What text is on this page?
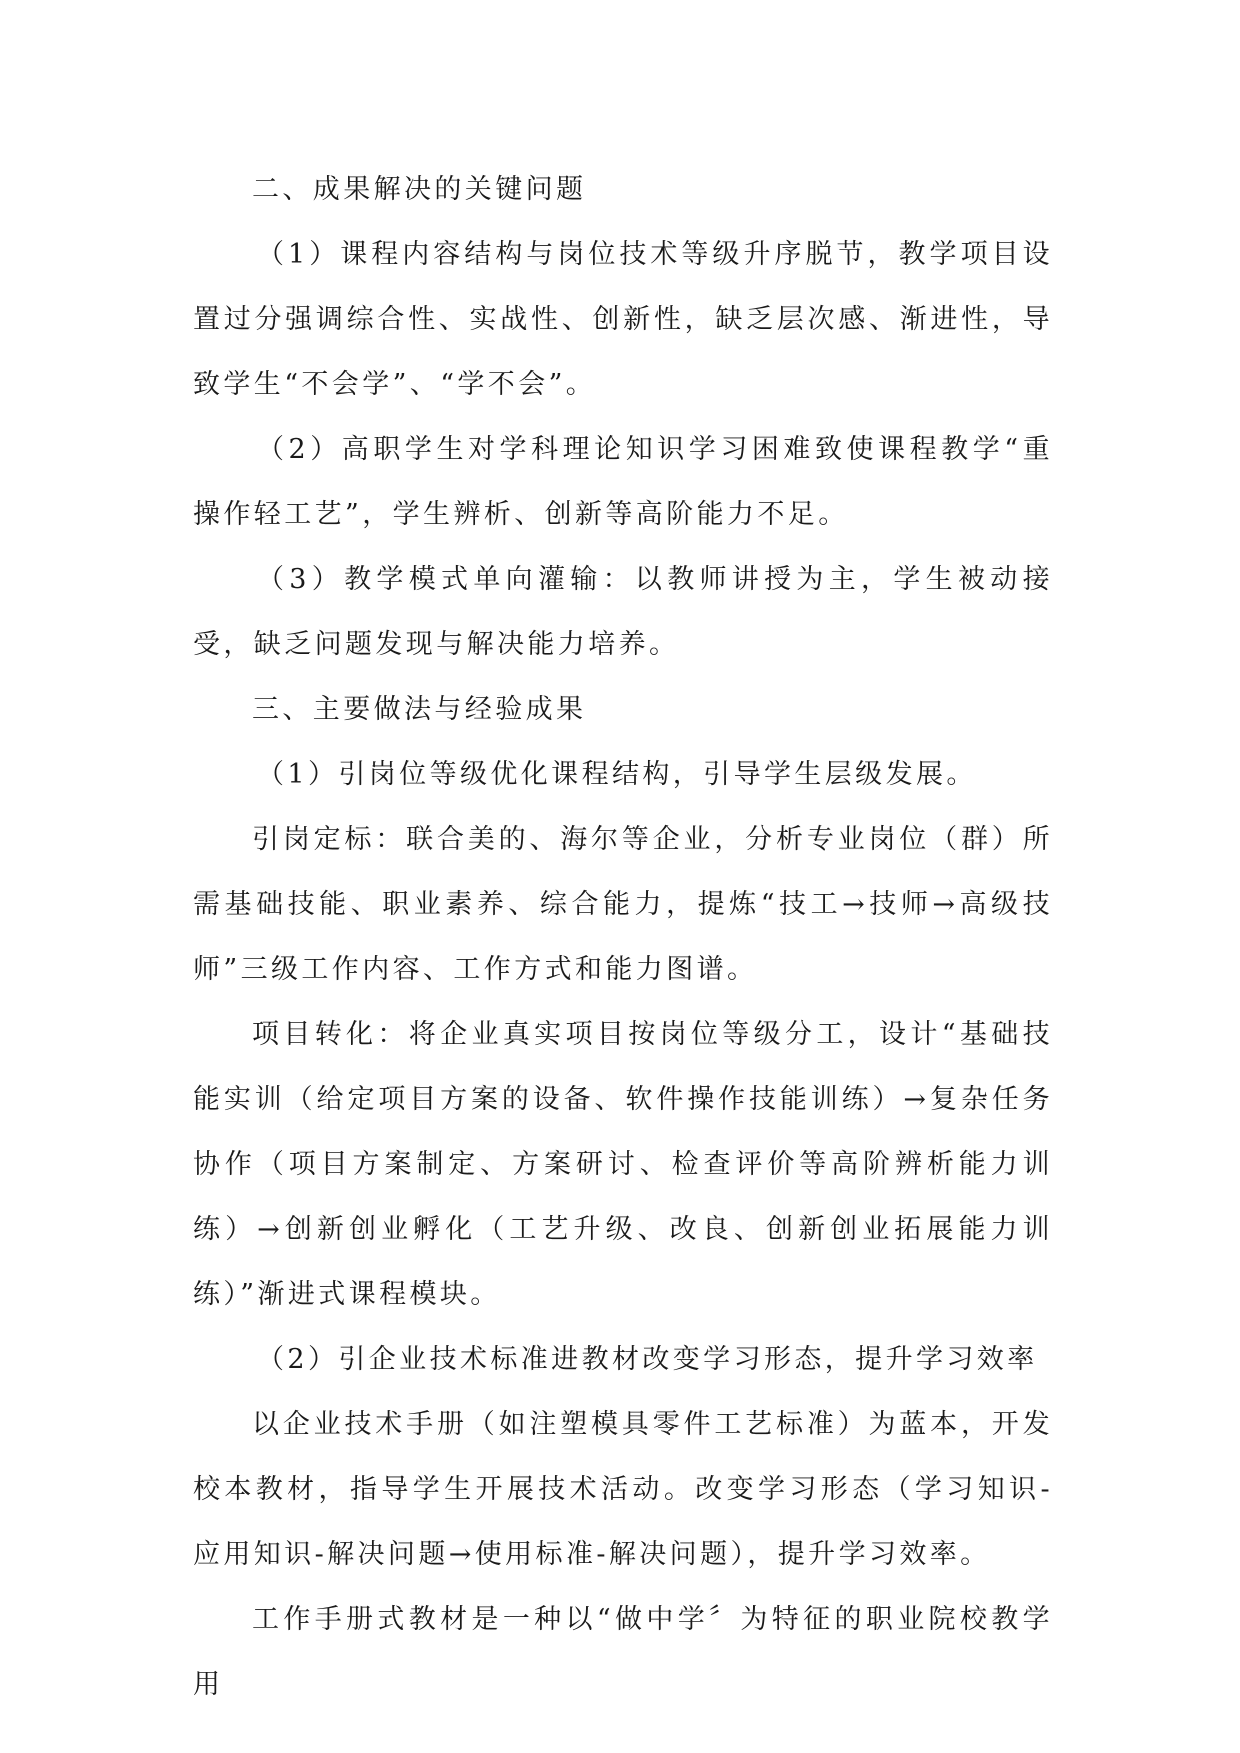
二、成果解决的关键问题

（1）课程内容结构与岗位技术等级升序脱节，教学项目设置过分强调综合性、实战性、创新性，缺乏层次感、渐进性，导致学生“不会学”、“学不会”。

（2）高职学生对学科理论知识学习困难致使课程教学“重操作轻工艺”，学生辨析、创新等高阶能力不足。

（3）教学模式单向灌输：以教师讲授为主，学生被动接受，缺乏问题发现与解决能力培养。

三、主要做法与经验成果

（1）引岗位等级优化课程结构，引导学生层级发展。

引岗定标：联合美的、海尔等企业，分析专业岗位（群）所需基础技能、职业素养、综合能力，提炼“技工→技师→高级技师”三级工作内容、工作方式和能力图谱。

项目转化：将企业真实项目按岗位等级分工，设计“基础技能实训（给定项目方案的设备、软件操作技能训练）→复杂任务协作（项目方案制定、方案研讨、检查评价等高阶辨析能力训练）→创新创业孵化（工艺升级、改良、创新创业拓展能力训练）”渐进式课程模块。

（2）引企业技术标准进教材改变学习形态，提升学习效率

以企业技术手册（如注塑模具零件工艺标准）为蓝本，开发校本教材，指导学生开展技术活动。改变学习形态（学习知识-应用知识-解决问题→使用标准-解决问题），提升学习效率。

工作手册式教材是一种以“做中学〞为特征的职业院校教学用
